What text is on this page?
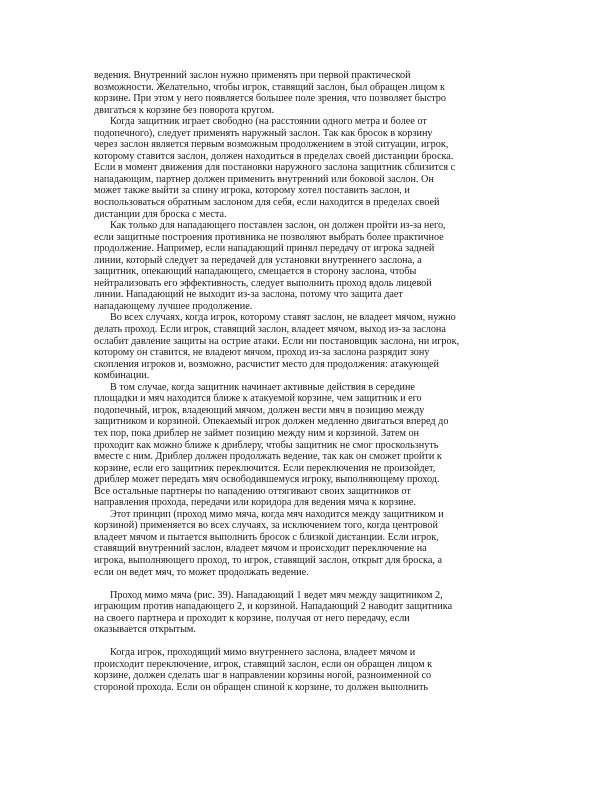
ведения. Внутренний заслон нужно применять при первой практической
возможности. Желательно, чтобы игрок, ставящий заслон, был обращен лицом к
корзине. При этом у него появляется большее поле зрения, что позволяет быстро
двигаться к корзине без поворота кругом.
Когда защитник играет свободно (на расстоянии одного метра и более от
подопечного), следует применять наружный заслон. Так как бросок в корзину
через заслон является первым возможным продолжением в этой ситуации, игрок,
которому ставится заслон, должен находиться в пределах своей дистанции броска.
Если в момент движения для постановки наружного заслона защитник сблизится с
нападающим, партнер должен применить внутренний или боковой заслон. Он
может также выйти за спину игрока, которому хотел поставить заслон, и
воспользоваться обратным заслоном для себя, если находится в пределах своей
дистанции для броска с места.
Как только для нападающего поставлен заслон, он должен пройти из-за него,
если защитные построения противника не позволяют выбрать более практичное
продолжение. Например, если нападающий принял передачу от игрока задней
линии, который следует за передачей для установки внутреннего заслона, а
защитник, опекающий нападающего, смещается в сторону заслона, чтобы
нейтрализовать его эффективность, следует выполнить проход вдоль лицевой
линии. Нападающий не выходит из-за заслона, потому что защита дает
нападающему лучшее продолжение.
Во всех случаях, когда игрок, которому ставят заслон, не владеет мячом, нужно
делать проход. Если игрок, ставящий заслон, владеет мячом, выход из-за заслона
ослабит давление защиты на острие атаки. Если ни постановщик заслона, ни игрок,
которому он ставится, не владеют мячом, проход из-за заслона разрядит зону
скопления игроков и, возможно, расчистит место для продолжения: атакующей
комбинации.
В том случае, когда защитник начинает активные действия в середине
площадки и мяч находится ближе к атакуемой корзине, чем защитник и его
подопечный, игрок, владеющий мячом, должен вести мяч в позицию между
защитником и корзиной. Опекаемый игрок должен медленно двигаться вперед до
тех пор, пока дриблер не займет позицию между ним и корзиной. Затем он
проходит как можно ближе к дриблеру, чтобы защитник не смог проскользнуть
вместе с ним. Дриблер должен продолжать ведение, так как он сможет пройти к
корзине, если его защитник переключится. Если переключения не произойдет,
дриблер может передать мяч освободившемуся игроку, выполняющему проход.
Все остальные партнеры по нападению оттягивают своих защитников от
направления прохода, передачи или коридора для ведения мяча к корзине.
Этот принцип (проход мимо мяча, когда мяч находится между защитником и
корзиной) применяется во всех случаях, за исключением того, когда центровой
владеет мячом и пытается выполнить бросок с близкой дистанции. Если игрок,
ставящий внутренний заслон, владеет мячом и происходит переключение на
игрока, выполняющего проход, то игрок, ставящий заслон, открыт для броска, а
если он ведет мяч, то может продолжать ведение.
Проход мимо мяча (рис. 39). Нападающий 1 ведет мяч между защитником 2,
играющим против нападающего 2, и корзиной. Нападающий 2 наводит защитника
на своего партнера и проходит к корзине, получая от него передачу, если
оказывается открытым.
Когда игрок, проходящий мимо внутреннего заслона, владеет мячом и
происходит переключение, игрок, ставящий заслон, если он обращен лицом к
корзине, должен сделать шаг в направлении корзины ногой, разноименной со
стороной прохода. Если он обращен спиной к корзине, то должен выполнить
